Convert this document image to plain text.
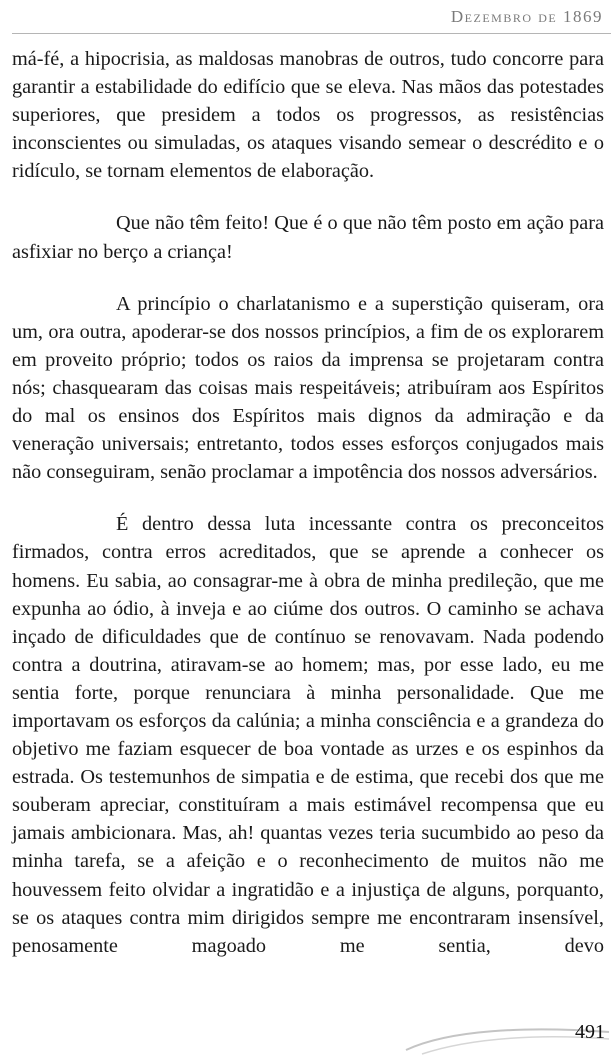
Dezembro de 1869

má-fé, a hipocrisia, as maldosas manobras de outros, tudo concorre para garantir a estabilidade do edifício que se eleva. Nas mãos das potestades superiores, que presidem a todos os progressos, as resistências inconscientes ou simuladas, os ataques visando semear o descrédito e o ridículo, se tornam elementos de elaboração.

Que não têm feito! Que é o que não têm posto em ação para asfixiar no berço a criança!

A princípio o charlatanismo e a superstição quiseram, ora um, ora outra, apoderar-se dos nossos princípios, a fim de os explorarem em proveito próprio; todos os raios da imprensa se projetaram contra nós; chasquearam das coisas mais respeitáveis; atribuíram aos Espíritos do mal os ensinos dos Espíritos mais dignos da admiração e da veneração universais; entretanto, todos esses esforços conjugados mais não conseguiram, senão proclamar a impotência dos nossos adversários.

É dentro dessa luta incessante contra os preconceitos firmados, contra erros acreditados, que se aprende a conhecer os homens. Eu sabia, ao consagrar-me à obra de minha predileção, que me expunha ao ódio, à inveja e ao ciúme dos outros. O caminho se achava inçado de dificuldades que de contínuo se renovavam. Nada podendo contra a doutrina, atiravam-se ao homem; mas, por esse lado, eu me sentia forte, porque renunciara à minha personalidade. Que me importavam os esforços da calúnia; a minha consciência e a grandeza do objetivo me faziam esquecer de boa vontade as urzes e os espinhos da estrada. Os testemunhos de simpatia e de estima, que recebi dos que me souberam apreciar, constituíram a mais estimável recompensa que eu jamais ambicionara. Mas, ah! quantas vezes teria sucumbido ao peso da minha tarefa, se a afeição e o reconhecimento de muitos não me houvessem feito olvidar a ingratidão e a injustiça de alguns, porquanto, se os ataques contra mim dirigidos sempre me encontraram insensível, penosamente magoado me sentia, devo

491
